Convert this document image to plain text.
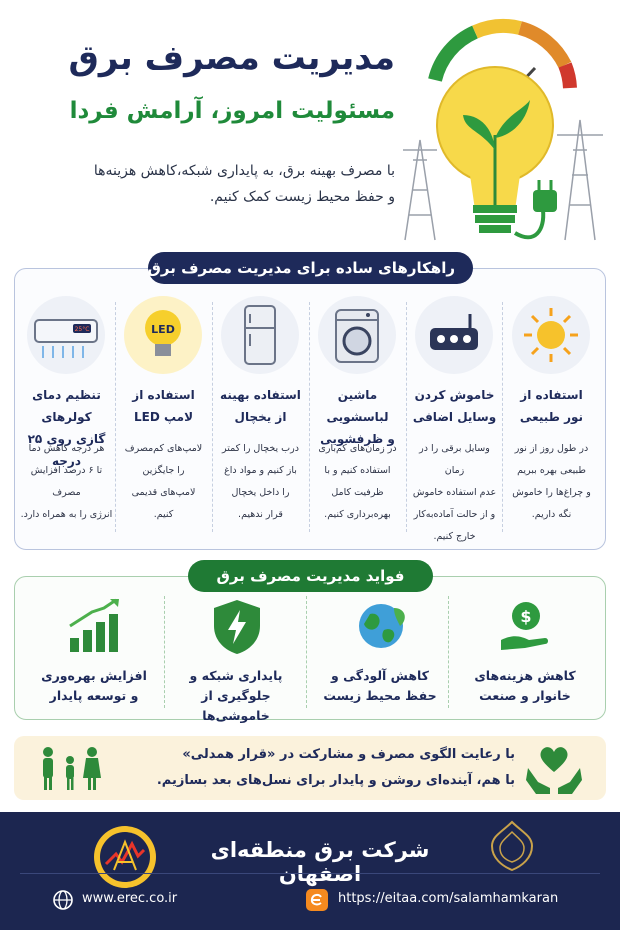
مدیریت مصرف برق
مسئولیت امروز، آرامش فردا
با مصرف بهینه برق، به پایداری شبکه،کاهش هزینه‌ها
و حفظ محیط زیست کمک کنیم.
راهکارهای ساده برای مدیریت مصرف برق
استفاده از
نور طبیعی
در طول روز از نور
طبیعی بهره ببریم
و چراغ‌ها را خاموش
نگه داریم.
خاموش کردن
وسایل اضافی
وسایل برقی را در زمان
عدم استفاده خاموش
و از حالت آماده‌به‌کار
خارج کنیم.
ماشین لباسشویی
و ظرفشویی
در زمان‌های کم‌باری
استفاده کنیم و با
ظرفیت کامل
بهره‌برداری کنیم.
استفاده بهینه
از یخچال
درب یخچال را کمتر
باز کنیم و مواد داغ
را داخل یخچال
قرار ندهیم.
LED
استفاده از
لامپ LED
لامپ‌های کم‌مصرف
را جایگزین
لامپ‌های قدیمی
کنیم.
25°C
تنظیم دمای کولرهای
گازی روی ۲۵ درجه
هر درجه کاهش دما
تا ۶ درصد افزایش مصرف
انرژی را به همراه دارد.
فواید مدیریت مصرف برق
$
کاهش هزینه‌های
خانوار و صنعت
کاهش آلودگی و
حفظ محیط زیست
پایداری شبکه و
جلوگیری از خاموشی‌ها
افزایش بهره‌وری
و توسعه پایدار
با رعایت الگوی مصرف و مشارکت در «قرار همدلی»
با هم، آینده‌ای روشن و پایدار برای نسل‌های بعد بسازیم.
شرکت برق منطقه‌ای اصفهان
www.erec.co.ir	https://eitaa.com/salamhamkaran
